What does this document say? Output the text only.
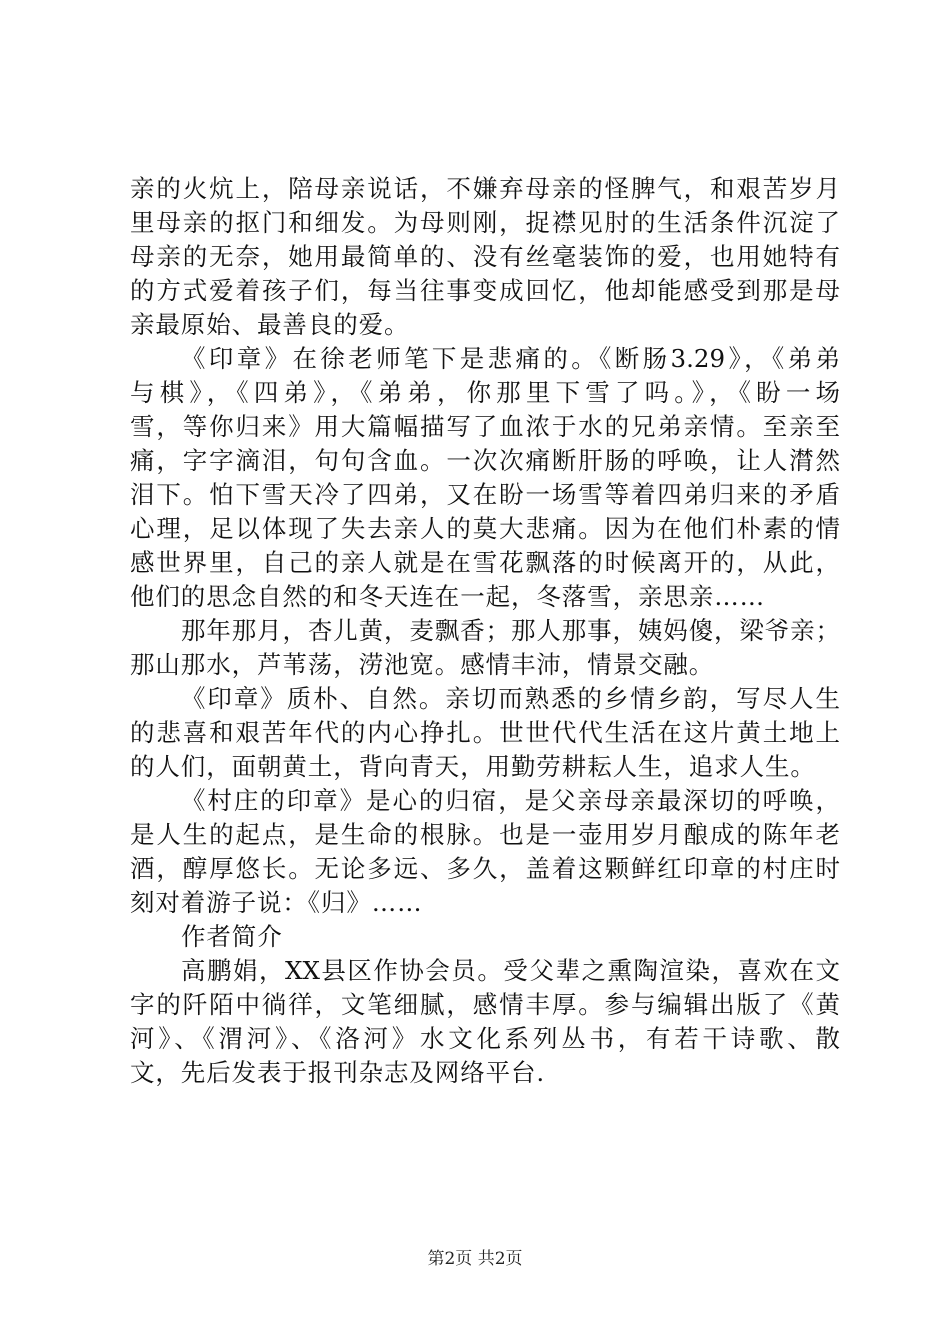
亲的火炕上，陪母亲说话，不嫌弃母亲的怪脾气，和艰苦岁月
里母亲的抠门和细发。为母则刚，捉襟见肘的生活条件沉淀了
母亲的无奈，她用最简单的、没有丝毫装饰的爱，也用她特有
的方式爱着孩子们，每当往事变成回忆，他却能感受到那是母
亲最原始、最善良的爱。
《印章》在徐老师笔下是悲痛的。《断肠3.29》，《弟弟
与棋》，《四弟》，《弟弟，你那里下雪了吗。》，《盼一场
雪，等你归来》用大篇幅描写了血浓于水的兄弟亲情。至亲至
痛，字字滴泪，句句含血。一次次痛断肝肠的呼唤，让人潸然
泪下。怕下雪天冷了四弟，又在盼一场雪等着四弟归来的矛盾
心理，足以体现了失去亲人的莫大悲痛。因为在他们朴素的情
感世界里，自己的亲人就是在雪花飘落的时候离开的，从此，
他们的思念自然的和冬天连在一起，冬落雪，亲思亲……
那年那月，杏儿黄，麦飘香；那人那事，姨妈傻，梁爷亲；
那山那水，芦苇荡，涝池宽。感情丰沛，情景交融。
《印章》质朴、自然。亲切而熟悉的乡情乡韵，写尽人生
的悲喜和艰苦年代的内心挣扎。世世代代生活在这片黄土地上
的人们，面朝黄土，背向青天，用勤劳耕耘人生，追求人生。
《村庄的印章》是心的归宿，是父亲母亲最深切的呼唤，
是人生的起点，是生命的根脉。也是一壶用岁月酿成的陈年老
酒，醇厚悠长。无论多远、多久，盖着这颗鲜红印章的村庄时
刻对着游子说：《归》……
作者简介
高鹏娟，XX县区作协会员。受父辈之熏陶渲染，喜欢在文
字的阡陌中徜徉，文笔细腻，感情丰厚。参与编辑出版了《黄
河》、《渭河》、《洛河》水文化系列丛书，有若干诗歌、散
文，先后发表于报刊杂志及网络平台.
第2页 共2页
